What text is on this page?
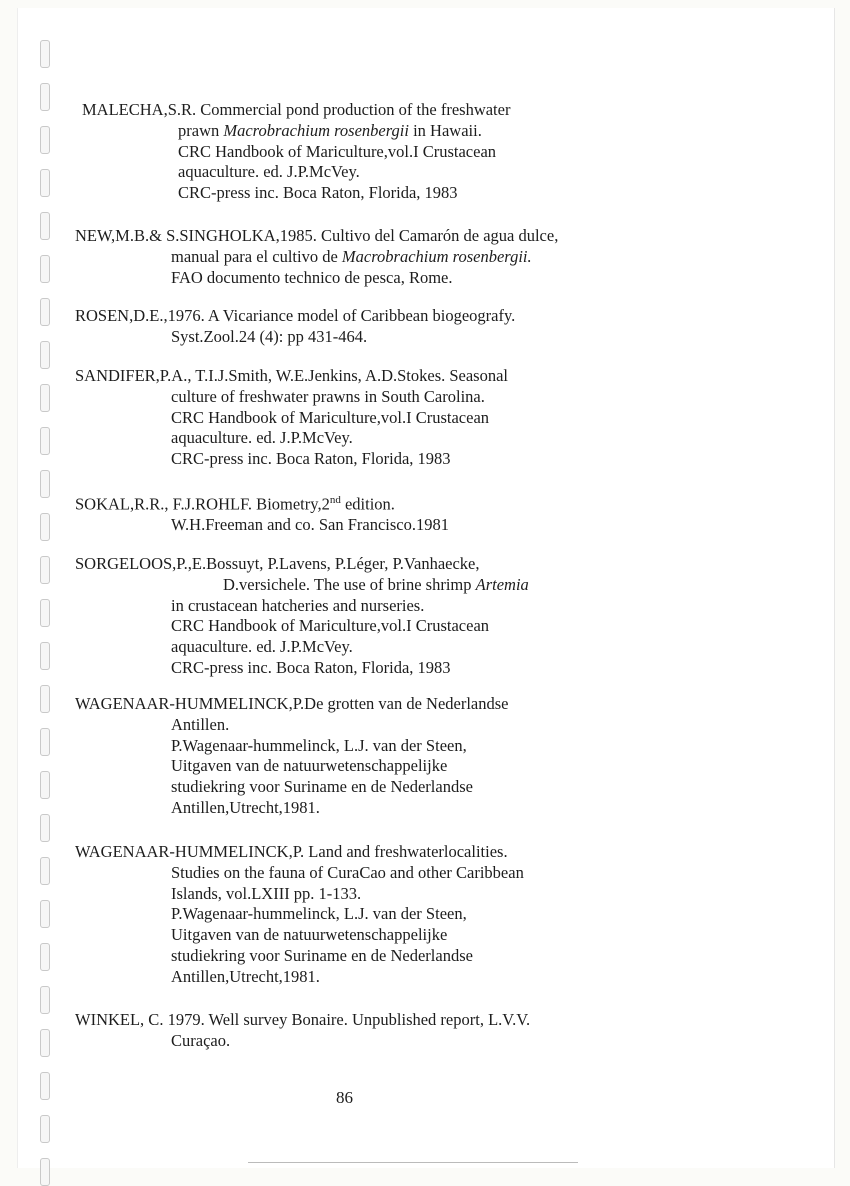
MALECHA,S.R. Commercial pond production of the freshwater

prawn Macrobrachium rosenbergii in Hawaii.

CRC Handbook of Mariculture,vol.I Crustacean

aquaculture. ed. J.P.McVey.

CRC-press inc. Boca Raton, Florida, 1983

NEW,M.B.& S.SINGHOLKA,1985. Cultivo del Camarón de agua dulce,

manual para el cultivo de Macrobrachium rosenbergii.

FAO documento technico de pesca, Rome.

ROSEN,D.E.,1976. A Vicariance model of Caribbean biogeografy.

Syst.Zool.24 (4): pp 431-464.

SANDIFER,P.A., T.I.J.Smith, W.E.Jenkins, A.D.Stokes. Seasonal

culture of freshwater prawns in South Carolina.

CRC Handbook of Mariculture,vol.I Crustacean

aquaculture. ed. J.P.McVey.

CRC-press inc. Boca Raton, Florida, 1983

SOKAL,R.R., F.J.ROHLF. Biometry,2nd edition.

W.H.Freeman and co. San Francisco.1981

SORGELOOS,P.,E.Bossuyt, P.Lavens, P.Léger, P.Vanhaecke,

D.versichele. The use of brine shrimp Artemia

in crustacean hatcheries and nurseries.

CRC Handbook of Mariculture,vol.I Crustacean

aquaculture. ed. J.P.McVey.

CRC-press inc. Boca Raton, Florida, 1983

WAGENAAR-HUMMELINCK,P.De grotten van de Nederlandse

Antillen.

P.Wagenaar-hummelinck, L.J. van der Steen,

Uitgaven van de natuurwetenschappelijke

studiekring voor Suriname en de Nederlandse

Antillen,Utrecht,1981.

WAGENAAR-HUMMELINCK,P. Land and freshwaterlocalities.

Studies on the fauna of CuraCao and other Caribbean

Islands, vol.LXIII pp. 1-133.

P.Wagenaar-hummelinck, L.J. van der Steen,

Uitgaven van de natuurwetenschappelijke

studiekring voor Suriname en de Nederlandse

Antillen,Utrecht,1981.

WINKEL, C. 1979. Well survey Bonaire. Unpublished report, L.V.V.

Curaçao.

86
